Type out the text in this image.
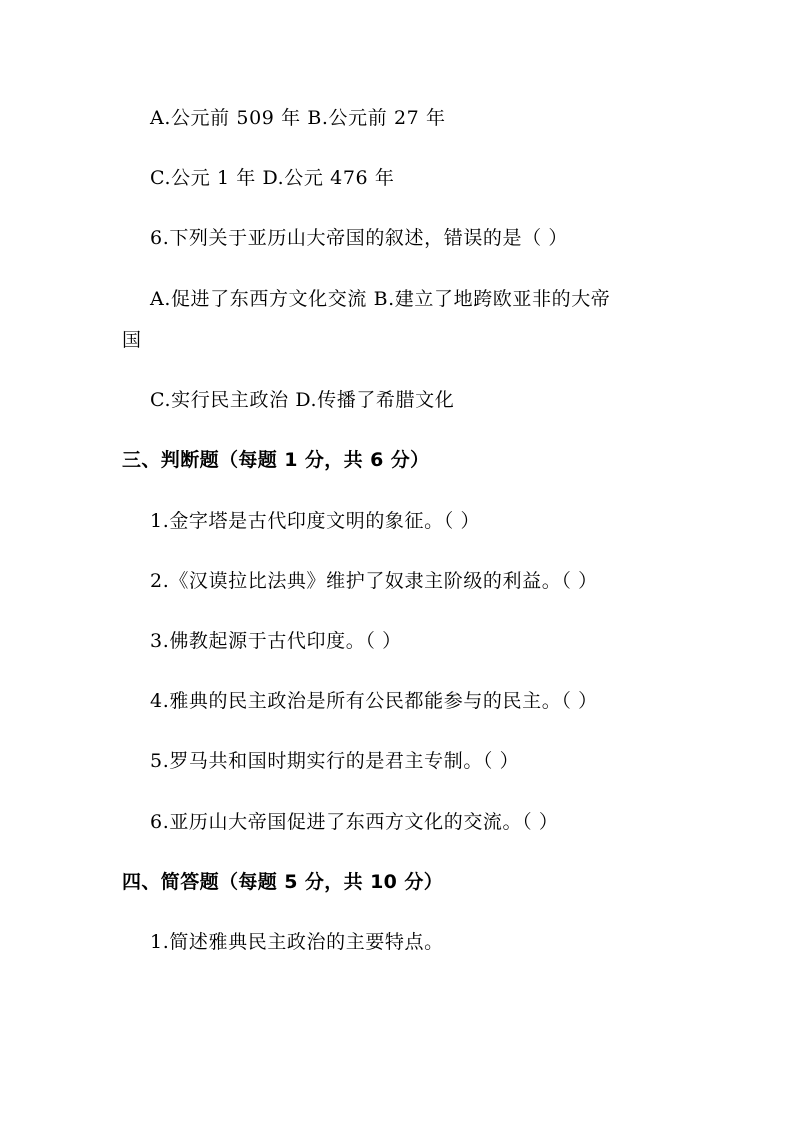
A.公元前 509 年 B.公元前 27 年
C.公元 1 年 D.公元 476 年
6.下列关于亚历山大帝国的叙述，错误的是（ ）
A.促进了东西方文化交流 B.建立了地跨欧亚非的大帝
国
C.实行民主政治 D.传播了希腊文化
三、判断题（每题 1 分，共 6 分）
1.金字塔是古代印度文明的象征。（ ）
2.《汉谟拉比法典》维护了奴隶主阶级的利益。（ ）
3.佛教起源于古代印度。（ ）
4.雅典的民主政治是所有公民都能参与的民主。（ ）
5.罗马共和国时期实行的是君主专制。（ ）
6.亚历山大帝国促进了东西方文化的交流。（ ）
四、简答题（每题 5 分，共 10 分）
1.简述雅典民主政治的主要特点。
